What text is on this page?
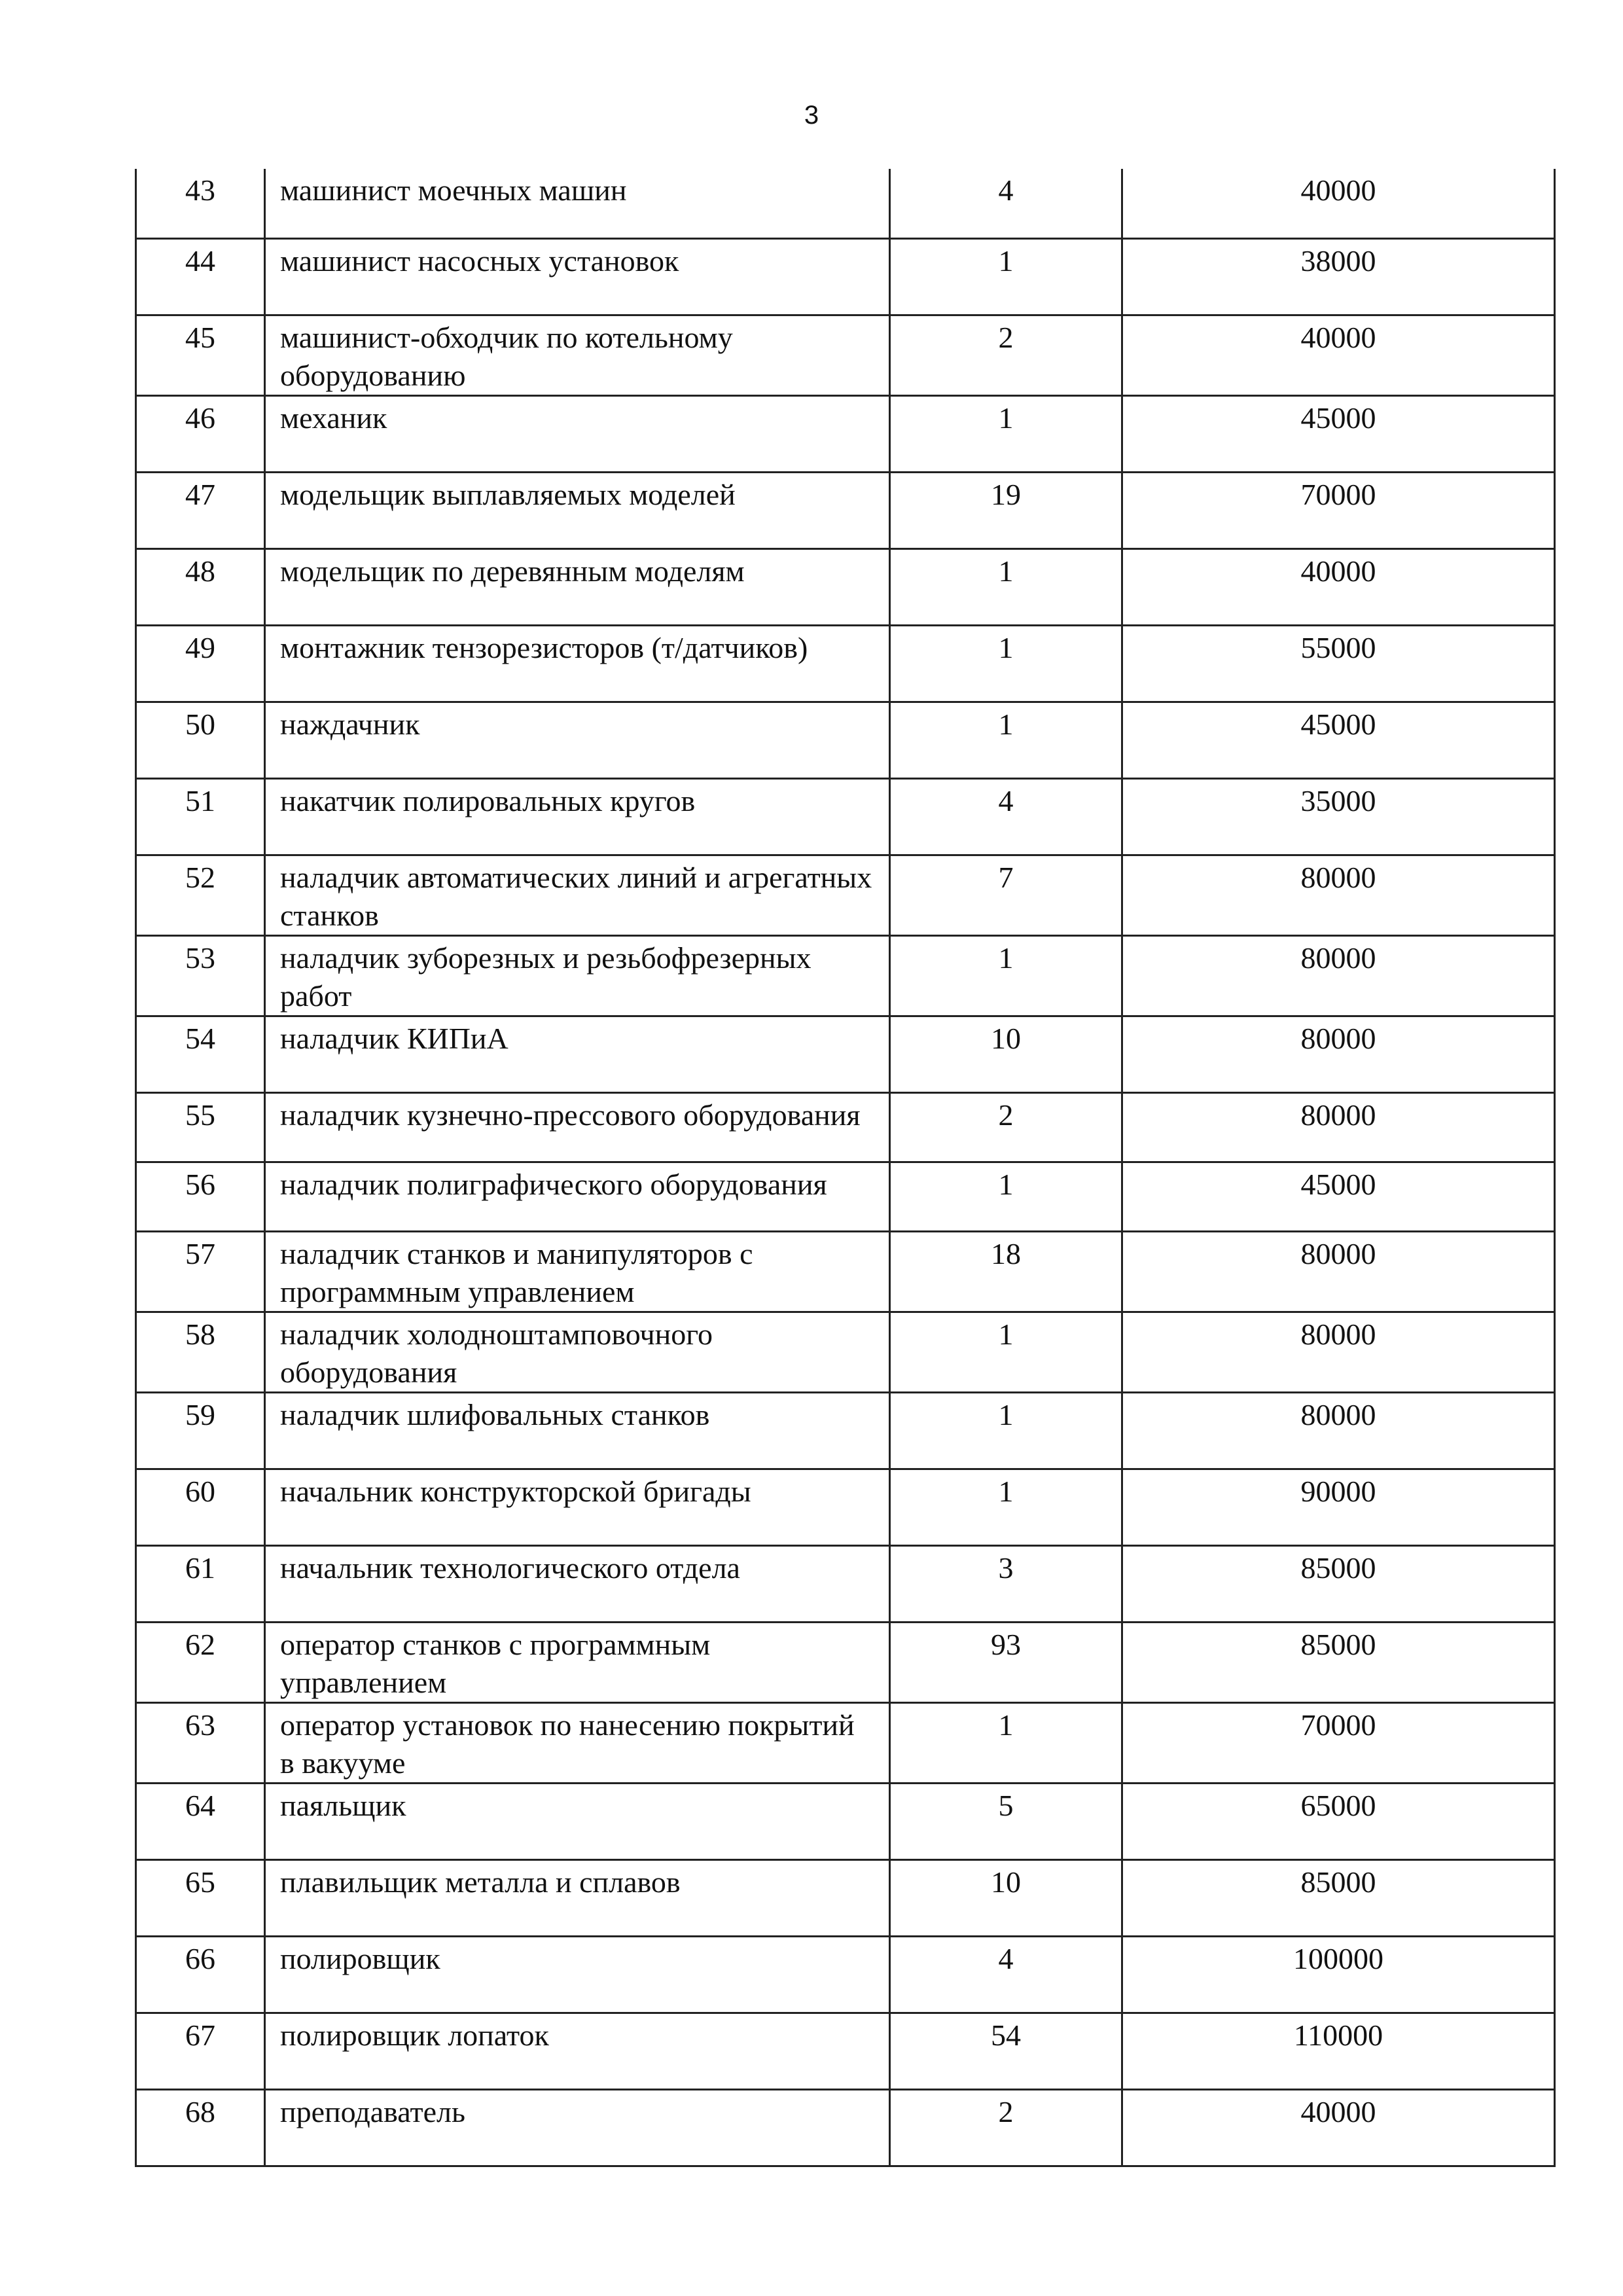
3
43	машинист моечных машин	4	40000
44	машинист насосных установок	1	38000
45	машинист-обходчик по котельному оборудованию	2	40000
46	механик	1	45000
47	модельщик выплавляемых моделей	19	70000
48	модельщик по деревянным моделям	1	40000
49	монтажник тензорезисторов (т/датчиков)	1	55000
50	наждачник	1	45000
51	накатчик полировальных кругов	4	35000
52	наладчик автоматических линий и агрегатных станков	7	80000
53	наладчик зуборезных и резьбофрезерных работ	1	80000
54	наладчик КИПиА	10	80000
55	наладчик кузнечно-прессового оборудования	2	80000
56	наладчик полиграфического оборудования	1	45000
57	наладчик станков и манипуляторов с программным управлением	18	80000
58	наладчик холодноштамповочного оборудования	1	80000
59	наладчик шлифовальных станков	1	80000
60	начальник конструкторской бригады	1	90000
61	начальник технологического отдела	3	85000
62	оператор станков с программным управлением	93	85000
63	оператор установок по нанесению покрытий в вакууме	1	70000
64	паяльщик	5	65000
65	плавильщик металла и сплавов	10	85000
66	полировщик	4	100000
67	полировщик лопаток	54	110000
68	преподаватель	2	40000
